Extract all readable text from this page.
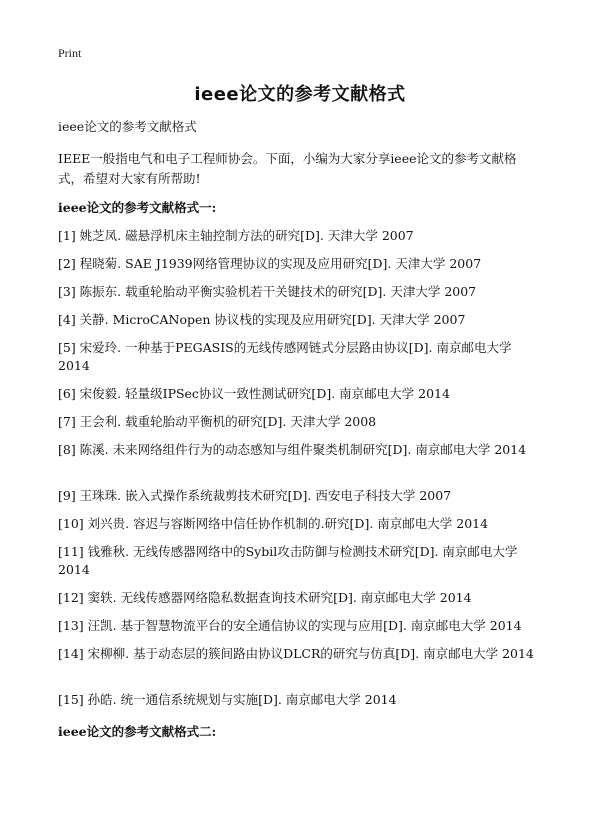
Print

ieee论文的参考文献格式

ieee论文的参考文献格式

IEEE一般指电气和电子工程师协会。下面，小编为大家分享ieee论文的参考文献格式，希望对大家有所帮助!

ieee论文的参考文献格式一:

[1] 姚芝凤. 磁悬浮机床主轴控制方法的研究[D]. 天津大学 2007
[2] 程晓菊. SAE J1939网络管理协议的实现及应用研究[D]. 天津大学 2007
[3] 陈振东. 载重轮胎动平衡实验机若干关键技术的研究[D]. 天津大学 2007
[4] 关静. MicroCANopen 协议栈的实现及应用研究[D]. 天津大学 2007
[5] 宋爱玲. 一种基于PEGASIS的无线传感网链式分层路由协议[D]. 南京邮电大学 2014
[6] 宋俊毅. 轻量级IPSec协议一致性测试研究[D]. 南京邮电大学 2014
[7] 王会利. 载重轮胎动平衡机的研究[D]. 天津大学 2008
[8] 陈溪. 未来网络组件行为的动态感知与组件聚类机制研究[D]. 南京邮电大学 2014
[9] 王珠珠. 嵌入式操作系统裁剪技术研究[D]. 西安电子科技大学 2007
[10] 刘兴贵. 容迟与容断网络中信任协作机制的.研究[D]. 南京邮电大学 2014
[11] 钱雅秋. 无线传感器网络中的Sybil攻击防御与检测技术研究[D]. 南京邮电大学 2014
[12] 窦轶. 无线传感器网络隐私数据查询技术研究[D]. 南京邮电大学 2014
[13] 汪凯. 基于智慧物流平台的安全通信协议的实现与应用[D]. 南京邮电大学 2014
[14] 宋柳柳. 基于动态层的簇间路由协议DLCR的研究与仿真[D]. 南京邮电大学 2014
[15] 孙皓. 统一通信系统规划与实施[D]. 南京邮电大学 2014

ieee论文的参考文献格式二:
